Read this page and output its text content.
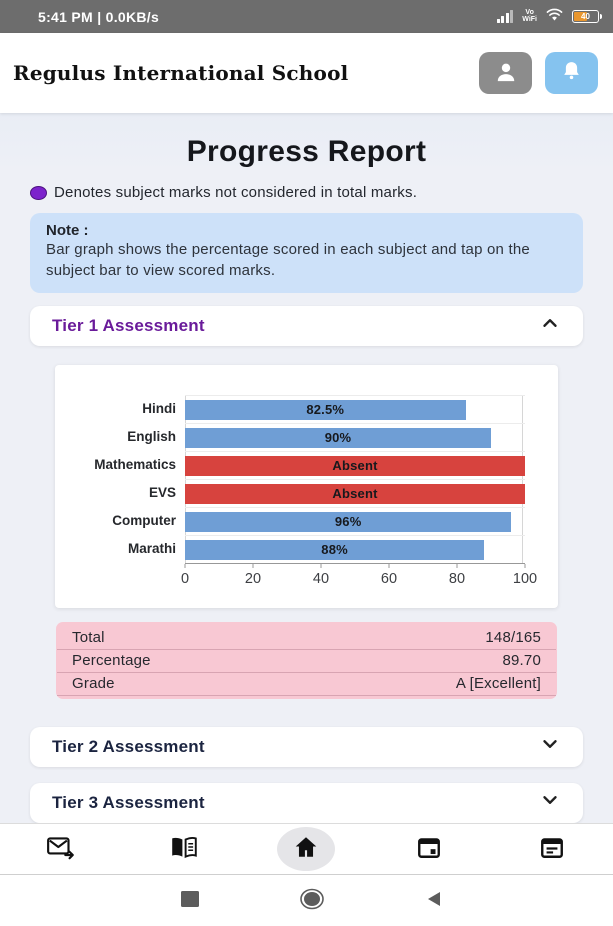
5:41 PM | 0.0KB/s	Vo
WiFi	40
Regulus International School
Progress Report
Denotes subject marks not considered in total marks.
Note :
Bar graph shows the percentage scored in each subject and tap on the subject bar to view scored marks.
Tier 1 Assessment
Hindi	82.5%
English	90%
Mathematics	Absent
EVS	Absent
Computer	96%
Marathi	88%
0	20	40	60	80	100
Total	148/165
Percentage	89.70
Grade	A [Excellent]
Tier 2 Assessment
Tier 3 Assessment
